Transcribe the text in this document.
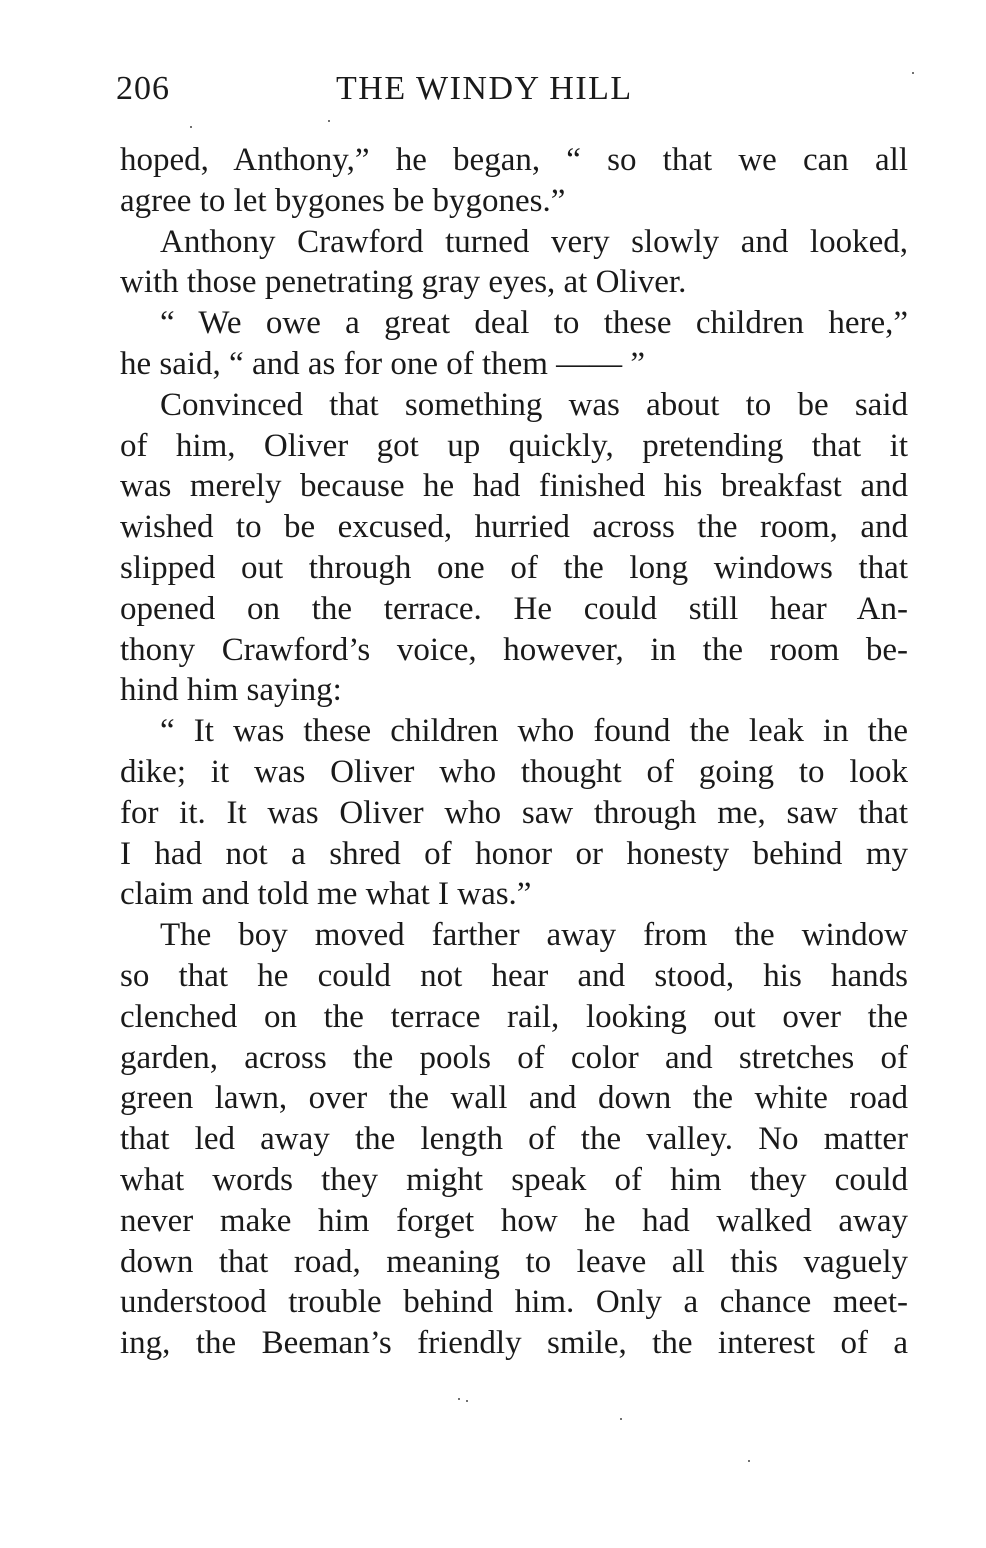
206	THE WINDY HILL
hoped, Anthony,” he began, “ so that we can all
agree to let bygones be bygones.”
Anthony Crawford turned very slowly and looked,
with those penetrating gray eyes, at Oliver.
“ We owe a great deal to these children here,”
he said, “ and as for one of them —— ”
Convinced that something was about to be said
of him, Oliver got up quickly, pretending that it
was merely because he had finished his breakfast and
wished to be excused, hurried across the room, and
slipped out through one of the long windows that
opened on the terrace. He could still hear An-
thony Crawford’s voice, however, in the room be-
hind him saying:
“ It was these children who found the leak in the
dike; it was Oliver who thought of going to look
for it. It was Oliver who saw through me, saw that
I had not a shred of honor or honesty behind my
claim and told me what I was.”
The boy moved farther away from the window
so that he could not hear and stood, his hands
clenched on the terrace rail, looking out over the
garden, across the pools of color and stretches of
green lawn, over the wall and down the white road
that led away the length of the valley. No matter
what words they might speak of him they could
never make him forget how he had walked away
down that road, meaning to leave all this vaguely
understood trouble behind him. Only a chance meet-
ing, the Beeman’s friendly smile, the interest of a
